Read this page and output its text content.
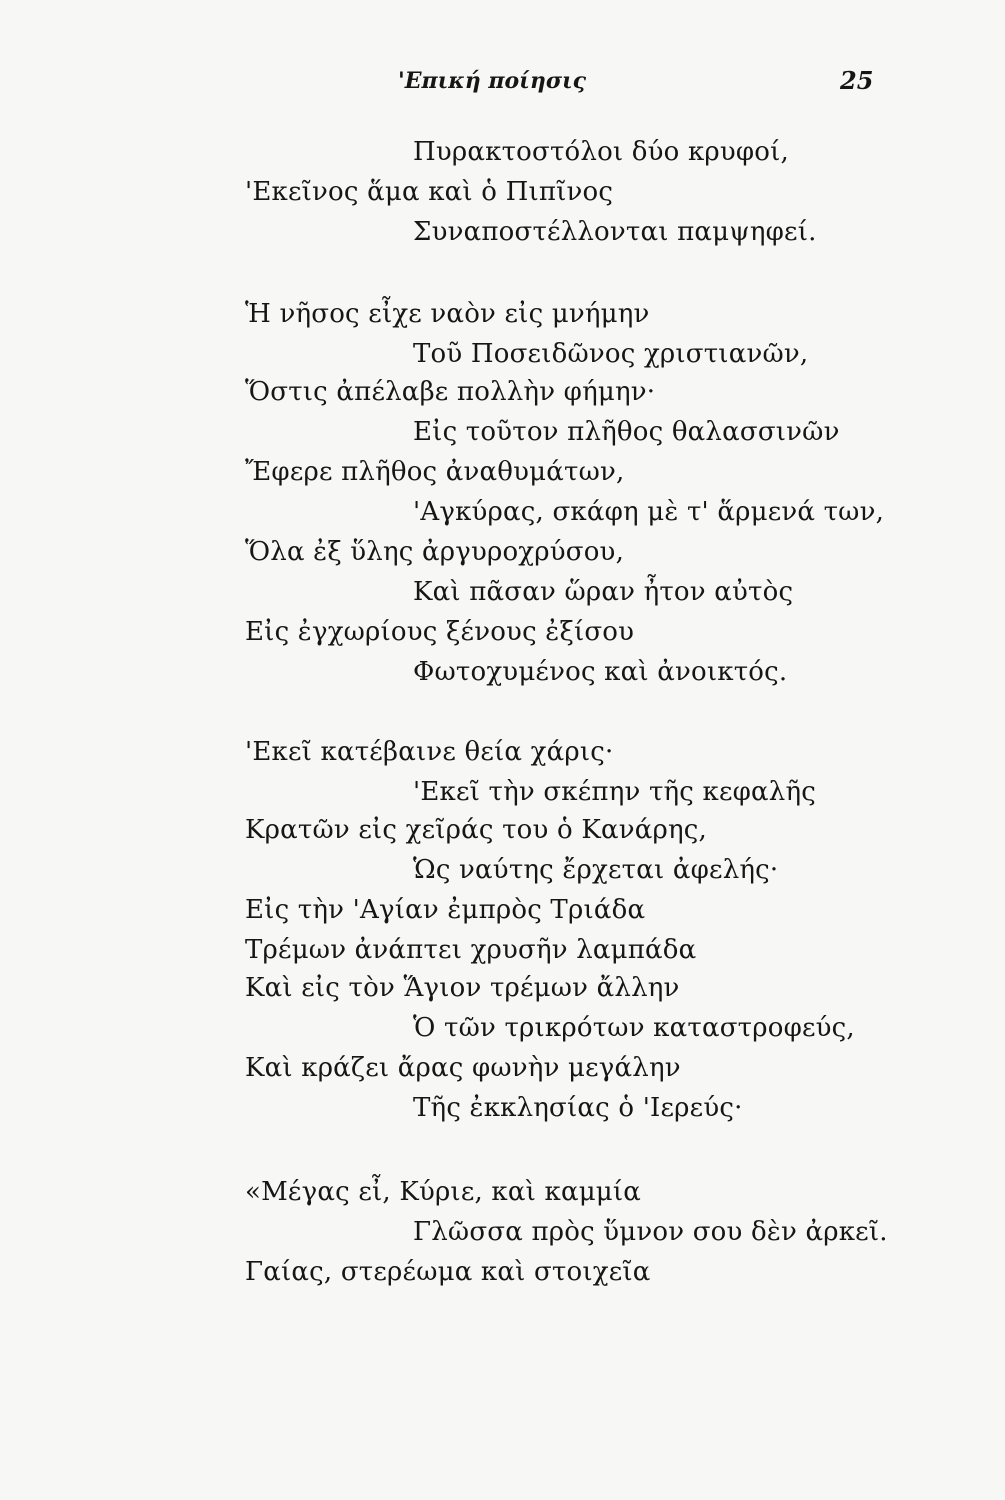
'Επική ποίησις	25
Πυρακτοστόλοι δύο κρυφοί,
'Εκεῖνος ἅμα καὶ ὁ Πιπῖνος
Συναποστέλλονται παμψηφεί.
Ἡ νῆσος εἶχε ναὸν εἰς μνήμην
Τοῦ Ποσειδῶνος χριστιανῶν,
Ὅστις ἀπέλαβε πολλὴν φήμην·
Εἰς τοῦτον πλῆθος θαλασσινῶν
Ἔφερε πλῆθος ἀναθυμάτων,
'Αγκύρας, σκάφη μὲ τ' ἅρμενά των,
Ὅλα ἐξ ὕλης ἀργυροχρύσου,
Καὶ πᾶσαν ὥραν ἦτον αὐτὸς
Εἰς ἐγχωρίους ξένους ἐξίσου
Φωτοχυμένος καὶ ἀνοικτός.
'Εκεῖ κατέβαινε θεία χάρις·
'Εκεῖ τὴν σκέπην τῆς κεφαλῆς
Κρατῶν εἰς χεῖράς του ὁ Κανάρης,
Ὡς ναύτης ἔρχεται ἀφελής·
Εἰς τὴν 'Αγίαν ἐμπρὸς Τριάδα
Τρέμων ἀνάπτει χρυσῆν λαμπάδα
Καὶ εἰς τὸν Ἅγιον τρέμων ἄλλην
Ὁ τῶν τρικρότων καταστροφεύς,
Καὶ κράζει ἄρας φωνὴν μεγάλην
Τῆς ἐκκλησίας ὁ 'Ιερεύς·
«Μέγας εἶ, Κύριε, καὶ καμμία
Γλῶσσα πρὸς ὕμνον σου δὲν ἀρκεῖ.
Γαίας, στερέωμα καὶ στοιχεῖα
